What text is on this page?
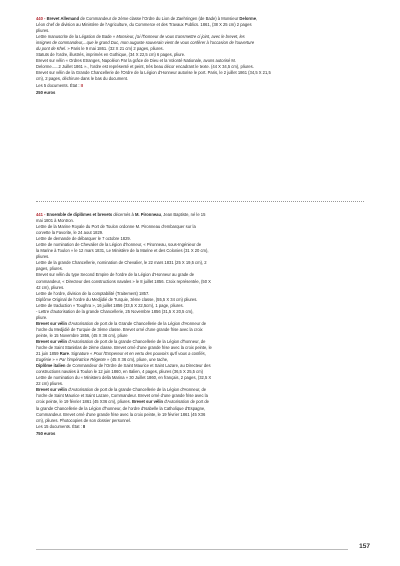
440 - Brevet Allemand de Commandeur de 2ème classe l'Ordre du Lion de Zaehringen (de Bade) à Monsieur Delorme,

Léon chef de division au Ministère de l'Agriculture, du Commerce et des Travaux Publics. 1861, (38 X 25 cm) 2 pages

pliures.

Lettre manuscrite de la Légation de Bade « Monsieur, j'ai l'honneur de vous transmettre ci joint, avec le brevet, les

insignes de commandeur,...que le grand Duc, mon auguste souverain vient de vous conférer à l'occasion de l'ouverture

du pont de Khel. » Paris le 9 mai 1861. (32 X 21 cm) 2 pages, pliures.

Statuts de l'ordre, illustrés, imprimés en Gothique, (34 X 22,5 cm) 6 pages, pliure.

Brevet sur vélin « Ordres Etranges, Napoléon Par la grâce de Dieu et la Volonté Nationale, avons autorisé M.

Delorme......2 Juillet 1861 »., l'ordre est représenté et peint, très beau décor encadrant le texte. (44 X 34,5 cm), pliures.

Brevet sur vélin de la Grande Chancellerie de l'Ordre de la Légion d'Honneur autorise le port. Paris, le 2 juillet 1861 (34,5 X 21,5

cm), 2 pages, déchirure dans le bas du document.

Les 5 documents. État : II

250 euros

441 - Ensemble de diplômes et brevets décernés à M. Pironneau, Jean Baptiste, né le 15

mai 1801 à Montron.

Lettre de la Marine Royale du Port de Toulon ordonne M. Pironneau d'embarquer sur la

corvette la Favorite, le 24 aout 1829.

Lettre de demande de débarquer le 7 octobre 1829.

Lettre de nomination de Chevalier de la Légion d'honneur, « Pironneau, sous-Ingénieur de

la Marine à Toulon » le 12 mars 1831, Le Ministère de la Marine et des Colonies (31 X 20 cm),

pliures.

Lettre de la grande Chancellerie, nomination de Chevalier, le 22 mars 1831 (25 X 19,5 cm), 2

pages, pliures.

Brevet sur vélin du type Second Empire de l'ordre de la Légion d'Honneur au grade de

commandeur, « Directeur des constructions navales » le 8 juillet 1856. Croix représentée, (50 X

42 cm), pliures.

Lettre de l'ordre, division de la comptabilité (Traitement) 1857.

Diplôme Original de l'ordre du Medjidié de Turquie, 3ème classe, (55,5 X 34 cm) pliures.

Lettre de traduction « Toughra », 16 juillet 1856 (33,5 X 22,5cm), 1 page, pliures.

- Lettre d'autorisation de la grande Chancellerie, 25 Novembre 1856 (31,5 X 20,5 cm),

pliure.

Brevet sur vélin d'Autorisation de port de la Grande Chancellerie de la Légion d'Honneur de

l'ordre du Medjidié de Turquie de 3ème classe. Brevet orné d'une grande frise avec la croix

peinte, le 15 Novembre 1856, (45 X 36 cm), pliure

Brevet sur vélin d'Autorisation de port de la grande Chancellerie de la Légion d'honneur, de

l'ordre de Saint Stanislas de 2ème classe. Brevet orné d'une grande frise avec la croix peinte, le

21 juin 1859 Rare. Signature « Pour l'Empereur et en vertu des pouvoirs qu'il vous a confiés,

Eugénie » « Par l'impératrice Régente » (45 X 36 cm), pliure, une tache,

Diplôme italien de Commandeur de l'Ordre de Saint Maurice et Saint Lazare, au Directeur des

constructions navales à Toulon le 12 juin 1860, en Italien, 4 pages, pliures (36,5 X 25,5 cm)

Lettre de nomination du « Ministero della Marina » 30 Juillet 1860, en français, 2 pages, (32,5 X

22 cm) pliures.

Brevet sur vélin d'Autorisation de port de la grande Chancellerie de la Légion d'Honneur, de

l'ordre de Saint Maurice et Saint Lazare, Commandeur. Brevet orné d'une grande frise avec la

croix peinte, le 19 février 1861 (45 X36 cm), pliures. Brevet sur vélin d'Autorisation de port de

la grande Chancellerie de la Légion d'honneur, de l'ordre d'Isabelle la Catholique d'Espagne,

Commandeur. Brevet orné d'une grande frise avec la croix peinte, le 19 février 1861 (45 X36

cm), pliures. Photocopies de son dossier personnel.

Les 15 documents. État : II

750 euros

157
